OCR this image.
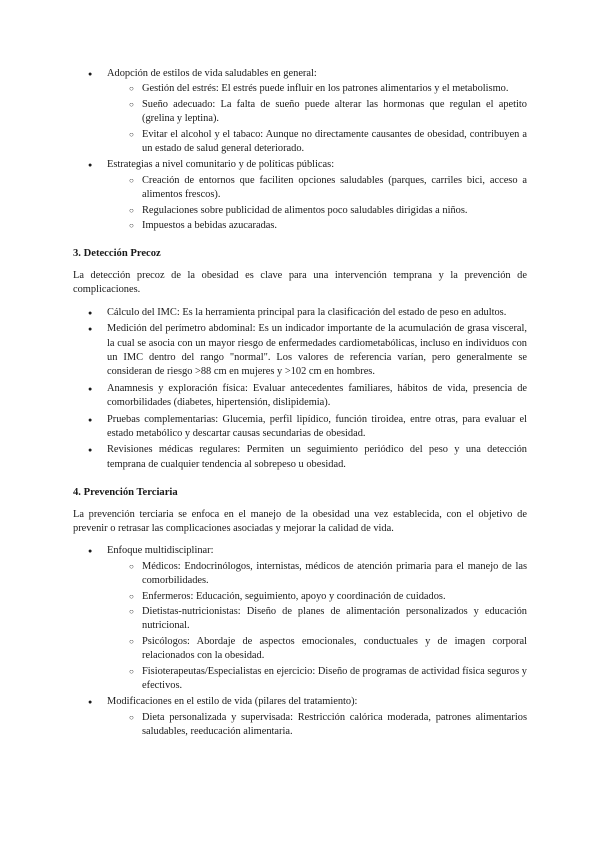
● Adopción de estilos de vida saludables en general:
○ Gestión del estrés: El estrés puede influir en los patrones alimentarios y el metabolismo.
○ Sueño adecuado: La falta de sueño puede alterar las hormonas que regulan el apetito (grelina y leptina).
○ Evitar el alcohol y el tabaco: Aunque no directamente causantes de obesidad, contribuyen a un estado de salud general deteriorado.
● Estrategias a nivel comunitario y de políticas públicas:
○ Creación de entornos que faciliten opciones saludables (parques, carriles bici, acceso a alimentos frescos).
○ Regulaciones sobre publicidad de alimentos poco saludables dirigidas a niños.
○ Impuestos a bebidas azucaradas.
3. Detección Precoz

La detección precoz de la obesidad es clave para una intervención temprana y la prevención de complicaciones.

● Cálculo del IMC: Es la herramienta principal para la clasificación del estado de peso en adultos.
● Medición del perímetro abdominal: Es un indicador importante de la acumulación de grasa visceral, la cual se asocia con un mayor riesgo de enfermedades cardiometabólicas, incluso en individuos con un IMC dentro del rango "normal". Los valores de referencia varían, pero generalmente se consideran de riesgo >88 cm en mujeres y >102 cm en hombres.
● Anamnesis y exploración física: Evaluar antecedentes familiares, hábitos de vida, presencia de comorbilidades (diabetes, hipertensión, dislipidemia).
● Pruebas complementarias: Glucemia, perfil lipídico, función tiroidea, entre otras, para evaluar el estado metabólico y descartar causas secundarias de obesidad.
● Revisiones médicas regulares: Permiten un seguimiento periódico del peso y una detección temprana de cualquier tendencia al sobrepeso u obesidad.
4. Prevención Terciaria

La prevención terciaria se enfoca en el manejo de la obesidad una vez establecida, con el objetivo de prevenir o retrasar las complicaciones asociadas y mejorar la calidad de vida.

● Enfoque multidisciplinar:
○ Médicos: Endocrinólogos, internistas, médicos de atención primaria para el manejo de las comorbilidades.
○ Enfermeros: Educación, seguimiento, apoyo y coordinación de cuidados.
○ Dietistas-nutricionistas: Diseño de planes de alimentación personalizados y educación nutricional.
○ Psicólogos: Abordaje de aspectos emocionales, conductuales y de imagen corporal relacionados con la obesidad.
○ Fisioterapeutas/Especialistas en ejercicio: Diseño de programas de actividad física seguros y efectivos.
● Modificaciones en el estilo de vida (pilares del tratamiento):
○ Dieta personalizada y supervisada: Restricción calórica moderada, patrones alimentarios saludables, reeducación alimentaria.
